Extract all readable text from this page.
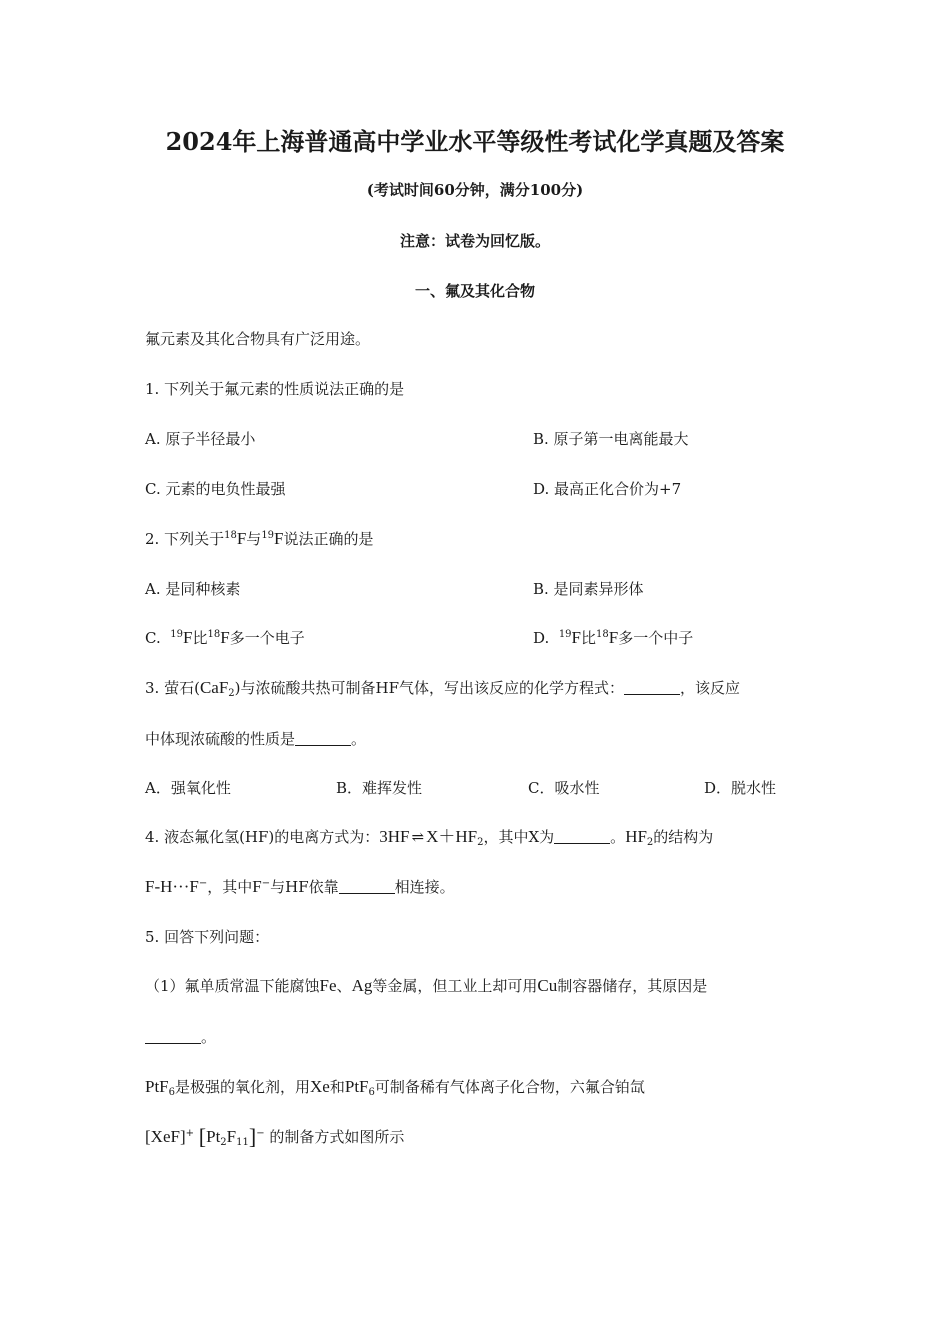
2024年上海普通高中学业水平等级性考试化学真题及答案
(考试时间60分钟，满分100分)
注意：试卷为回忆版。
一、氟及其化合物
氟元素及其化合物具有广泛用途。
1. 下列关于氟元素的性质说法正确的是
A. 原子半径最小	B. 原子第一电离能最大
C. 元素的电负性最强	D. 最高正化合价为+7
2. 下列关于$^{18}$F与$^{19}$F说法正确的是
A. 是同种核素	B. 是同素异形体
C. $^{19}$F比$^{18}$F多一个电子	D. $^{19}$F比$^{18}$F多一个中子
3. 萤石(CaF$_2$)与浓硫酸共热可制备HF气体，写出该反应的化学方程式：	，该反应
中体现浓硫酸的性质是	。
A．强氧化性	B．难挥发性	C．吸水性	D．脱水性
4. 液态氟化氢(HF)的电离方式为：3HF ⇌ $X+HF_2$，其中X为	。$HF_2$的结构为
F-H···F−，其中F−与HF依靠	相连接。
5. 回答下列问题：
（1）氟单质常温下能腐蚀Fe、Ag等金属，但工业上却可用Cu制容器储存，其原因是
。
PtF$_6$是极强的氧化剂，用Xe和PtF$_6$可制备稀有气体离子化合物，六氟合铂氙
[XeF]+ $[Pt_2F_{11}]^-$ 的制备方式如图所示
